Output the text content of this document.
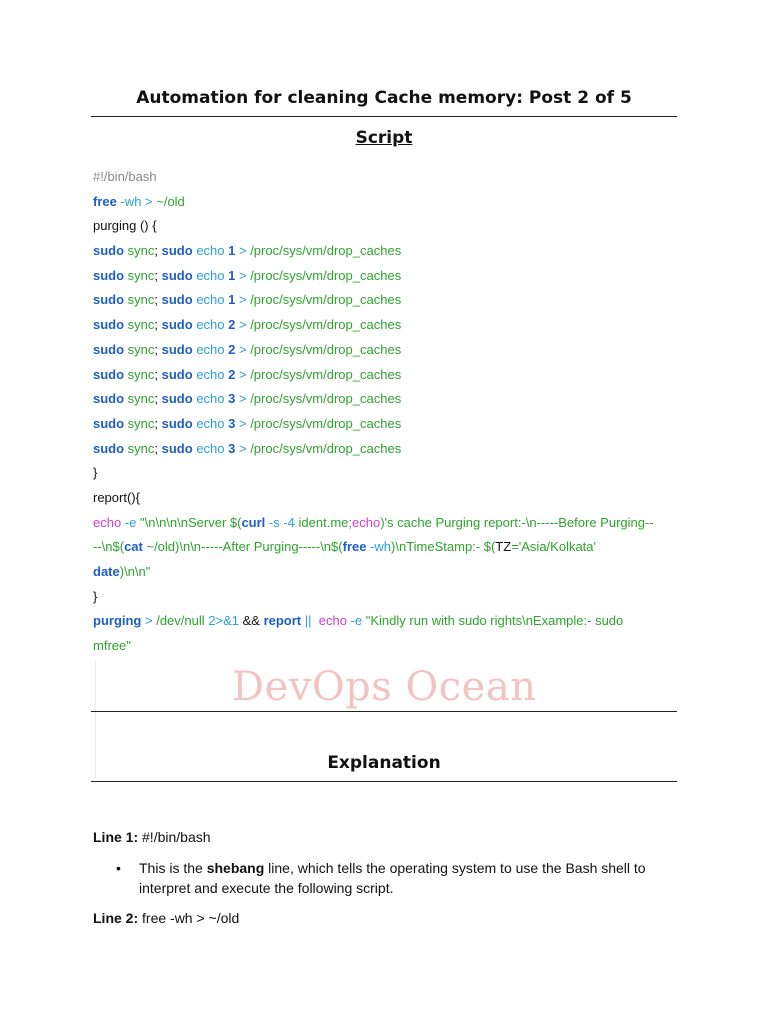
Automation for cleaning Cache memory: Post 2 of 5
Script
#!/bin/bash
free -wh > ~/old
purging () {
sudo sync; sudo echo 1 > /proc/sys/vm/drop_caches
sudo sync; sudo echo 1 > /proc/sys/vm/drop_caches
sudo sync; sudo echo 1 > /proc/sys/vm/drop_caches
sudo sync; sudo echo 2 > /proc/sys/vm/drop_caches
sudo sync; sudo echo 2 > /proc/sys/vm/drop_caches
sudo sync; sudo echo 2 > /proc/sys/vm/drop_caches
sudo sync; sudo echo 3 > /proc/sys/vm/drop_caches
sudo sync; sudo echo 3 > /proc/sys/vm/drop_caches
sudo sync; sudo echo 3 > /proc/sys/vm/drop_caches
}
report(){
echo -e "\n\n\n\nServer $(curl -s -4 ident.me;echo)'s cache Purging report:-\n-----Before Purging--
--\n$(cat ~/old)\n\n-----After Purging-----\n$(free -wh)\nTimeStamp:- $(TZ='Asia/Kolkata'
date)\n\n"
}
purging > /dev/null 2>&1 && report ||  echo -e "Kindly run with sudo rights\nExample:- sudo
mfree"
DevOps Ocean
Explanation
Line 1: #!/bin/bash
• This is the shebang line, which tells the operating system to use the Bash shell to interpret and execute the following script.
Line 2: free -wh > ~/old
